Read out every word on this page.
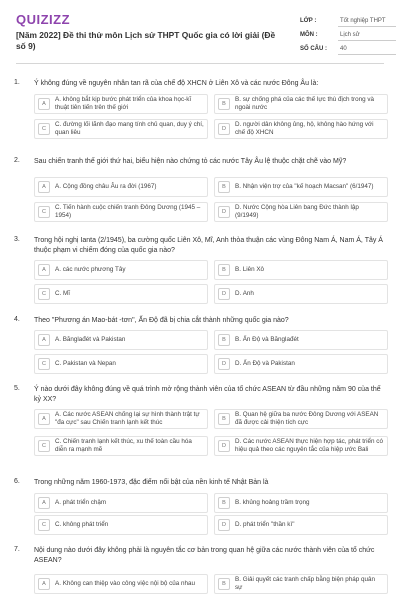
QUIZIZZ
[Năm 2022] Đề thi thử môn Lịch sử THPT Quốc gia có lời giải (Đề số 9)
LỚP :	Tốt nghiệp THPT
MÔN :	Lịch sử
SỐ CÂU :	40
1. Ý không đúng về nguyên nhân tan rã của chế độ XHCN ở Liên Xô và các nước Đông Âu là:
A
A. không bắt kịp bước phát triển của khoa học-kĩ thuật tiên tiến trên thế giới	B
B. sự chống phá của các thế lực thù địch trong và ngoài nước
C
C. đường lối lãnh đạo mang tính chủ quan, duy ý chí, quan liêu	D
D. người dân không ủng, hộ, không hào hứng với chế độ XHCN
2. Sau chiến tranh thế giới thứ hai, biểu hiện nào chứng tỏ các nước Tây Âu lệ thuộc chặt chẽ vào Mỹ?
A	A. Cộng đồng châu Âu ra đời (1967)	B	B. Nhận viện trợ của "kế hoạch Macsan" (6/1947)
C
C. Tiến hành cuộc chiến tranh Đông Dương (1945 – 1954)	D
D. Nước Cộng hòa Liên bang Đức thành lập (9/1949)
3. Trong hội nghị Ianta (2/1945), ba cường quốc Liên Xô, Mĩ, Anh thỏa thuận các vùng Đông Nam Á, Nam Á, Tây Á thuộc phạm vi chiếm đóng của quốc gia nào?
A	A. các nước phương Tây	B	B. Liên Xô
C	C. Mĩ	D	D. Anh
4. Theo "Phương án Mao-bát -tơn", Ấn Độ đã bị chia cắt thành những quốc gia nào?
A	A. Bănglađét và Pakistan	B	B. Ấn Độ và Bănglađét
C	C. Pakistan và Nepan	D	D. Ấn Độ và Pakistan
5. Ý nào dưới đây không đúng về quá trình mở rộng thành viên của tổ chức ASEAN từ đầu những năm 90 của thế kỷ XX?
A
A. Các nước ASEAN chống lại sự hình thành trật tự "đa cực" sau Chiến tranh lạnh kết thúc	B
B. Quan hệ giữa ba nước Đông Dương với ASEAN đã được cải thiện tích cực
C
C. Chiến tranh lạnh kết thúc, xu thế toàn cầu hóa diễn ra mạnh mẽ	D
D. Các nước ASEAN thực hiện hợp tác, phát triển có hiệu quả theo các nguyên tắc của hiệp ước Bali
6. Trong những năm 1960-1973, đặc điểm nổi bật của nền kinh tế Nhật Bản là
A	A. phát triển chậm	B	B. khủng hoảng trầm trọng
C	C. không phát triển	D	D. phát triển "thần kì"
7. Nội dung nào dưới đây không phải là nguyên tắc cơ bản trong quan hệ giữa các nước thành viên của tổ chức ASEAN?
A	A. Không can thiệp vào công việc nội bộ của nhau	B
B. Giải quyết các tranh chấp bằng biện pháp quân sự
